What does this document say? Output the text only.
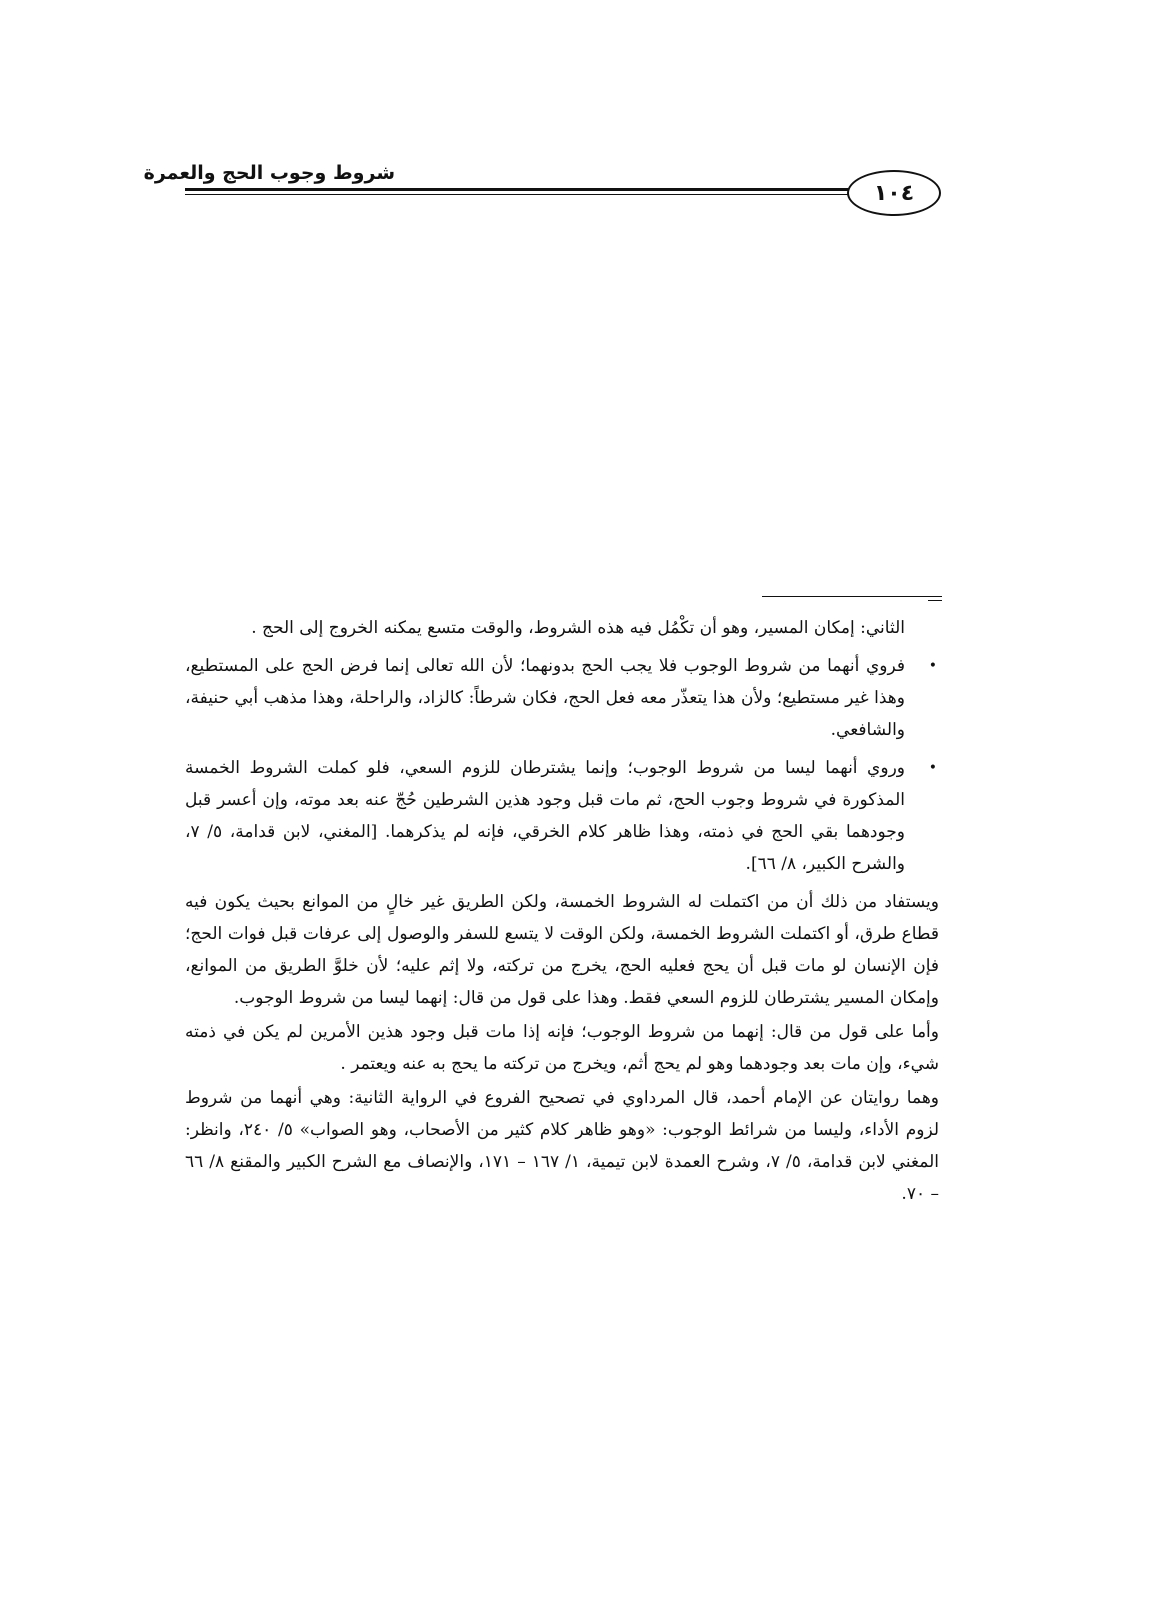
شروط وجوب الحج والعمرة
١٠٤

الثاني: إمكان المسير، وهو أن تكْمُل فيه هذه الشروط، والوقت متسع يمكنه الخروج إلى الحج .

•
فروي أنهما من شروط الوجوب فلا يجب الحج بدونهما؛ لأن الله تعالى إنما فرض الحج على المستطيع، وهذا غير مستطيع؛ ولأن هذا يتعذّر معه فعل الحج، فكان شرطاً: كالزاد، والراحلة، وهذا مذهب أبي حنيفة، والشافعي.

•
وروي أنهما ليسا من شروط الوجوب؛ وإنما يشترطان للزوم السعي، فلو كملت الشروط الخمسة المذكورة في شروط وجوب الحج، ثم مات قبل وجود هذين الشرطين حُجّ عنه بعد موته، وإن أعسر قبل وجودهما بقي الحج في ذمته، وهذا ظاهر كلام الخرقي، فإنه لم يذكرهما. [المغني، لابن قدامة، ٥/ ٧، والشرح الكبير، ٨/ ٦٦].

ويستفاد من ذلك أن من اكتملت له الشروط الخمسة، ولكن الطريق غير خالٍ من الموانع بحيث يكون فيه قطاع طرق، أو اكتملت الشروط الخمسة، ولكن الوقت لا يتسع للسفر والوصول إلى عرفات قبل فوات الحج؛ فإن الإنسان لو مات قبل أن يحج فعليه الحج، يخرج من تركته، ولا إثم عليه؛ لأن خلوَّ الطريق من الموانع، وإمكان المسير يشترطان للزوم السعي فقط. وهذا على قول من قال: إنهما ليسا من شروط الوجوب.

وأما على قول من قال: إنهما من شروط الوجوب؛ فإنه إذا مات قبل وجود هذين الأمرين لم يكن في ذمته شيء، وإن مات بعد وجودهما وهو لم يحج أثم، ويخرج من تركته ما يحج به عنه ويعتمر .

وهما روايتان عن الإمام أحمد، قال المرداوي في تصحيح الفروع في الرواية الثانية: وهي أنهما من شروط لزوم الأداء، وليسا من شرائط الوجوب: «وهو ظاهر كلام كثير من الأصحاب، وهو الصواب» ٥/ ٢٤٠، وانظر: المغني لابن قدامة، ٥/ ٧، وشرح العمدة لابن تيمية، ١/ ١٦٧ – ١٧١، والإنصاف مع الشرح الكبير والمقنع ٨/ ٦٦ – ٧٠.
